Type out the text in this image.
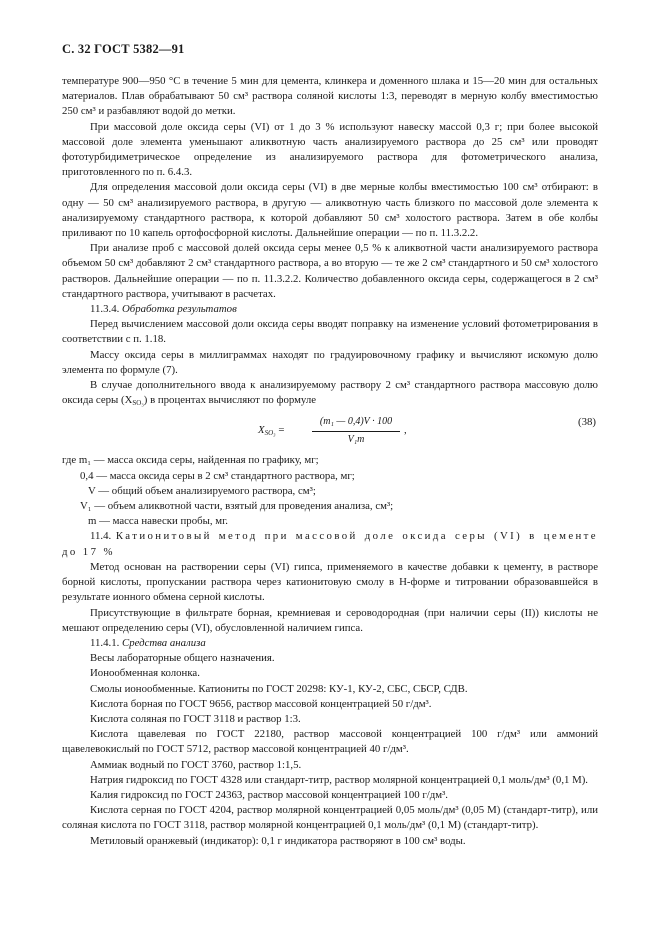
С. 32 ГОСТ 5382—91

температуре 900—950 °С в течение 5 мин для цемента, клинкера и доменного шлака и 15—20 мин для остальных материалов. Плав обрабатывают 50 см³ раствора соляной кислоты 1:3, переводят в мерную колбу вместимостью 250 см³ и разбавляют водой до метки.

При массовой доле оксида серы (VI) от 1 до 3 % используют навеску массой 0,3 г; при более высокой массовой доле элемента уменьшают аликвотную часть анализируемого раствора до 25 см³ или проводят фототурбидиметрическое определение из анализируемого раствора для фотометрического анализа, приготовленного по п. 6.4.3.

Для определения массовой доли оксида серы (VI) в две мерные колбы вместимостью 100 см³ отбирают: в одну — 50 см³ анализируемого раствора, в другую — аликвотную часть близкого по массовой доле элемента к анализируемому стандартного раствора, к которой добавляют 50 см³ холостого раствора. Затем в обе колбы приливают по 10 капель ортофосфорной кислоты. Дальнейшие операции — по п. 11.3.2.2.

При анализе проб с массовой долей оксида серы менее 0,5 % к аликвотной части анализируемого раствора объемом 50 см³ добавляют 2 см³ стандартного раствора, а во вторую — те же 2 см³ стандартного и 50 см³ холостого растворов. Дальнейшие операции — по п. 11.3.2.2. Количество добавленного оксида серы, содержащегося в 2 см³ стандартного раствора, учитывают в расчетах.

11.3.4. Обработка результатов

Перед вычислением массовой доли оксида серы вводят поправку на изменение условий фотометрирования в соответствии с п. 1.18.

Массу оксида серы в миллиграммах находят по градуировочному графику и вычисляют искомую долю элемента по формуле (7).

В случае дополнительного ввода к анализируемому раствору 2 см³ стандартного раствора массовую долю оксида серы $(X_{SO_3})$ в процентах вычисляют по формуле

$X_{SO_3}$ =	$\frac{\text{(m₁ — 0,4)V · 100}}{\text{V₁m}}$ ,
(38)
где m₁ — масса оксида серы, найденная по графику, мг;
0,4 — масса оксида серы в 2 см³ стандартного раствора, мг;
V — общий объем анализируемого раствора, см³;
V₁ — объем аликвотной части, взятый для проведения анализа, см³;
m — масса навески пробы, мг.

11.4. Катионитовый метод при массовой доле оксида серы (VI) в цементе до 17 %

Метод основан на растворении серы (VI) гипса, применяемого в качестве добавки к цементу, в растворе борной кислоты, пропускании раствора через катионитовую смолу в Н-форме и титровании образовавшейся в результате ионного обмена серной кислоты.

Присутствующие в фильтрате борная, кремниевая и сероводородная (при наличии серы (II)) кислоты не мешают определению серы (VI), обусловленной наличием гипса.

11.4.1. Средства анализа

Весы лабораторные общего назначения.

Ионообменная колонка.

Смолы ионообменные. Катиониты по ГОСТ 20298: КУ-1, КУ-2, СБС, СБСР, СДВ.

Кислота борная по ГОСТ 9656, раствор массовой концентрацией 50 г/дм³.

Кислота соляная по ГОСТ 3118 и раствор 1:3.

Кислота щавелевая по ГОСТ 22180, раствор массовой концентрацией 100 г/дм³ или аммоний щавелевокислый по ГОСТ 5712, раствор массовой концентрацией 40 г/дм³.

Аммиак водный по ГОСТ 3760, раствор 1:1,5.

Натрия гидроксид по ГОСТ 4328 или стандарт-титр, раствор молярной концентрацией 0,1 моль/дм³ (0,1 М).

Калия гидроксид по ГОСТ 24363, раствор массовой концентрацией 100 г/дм³.

Кислота серная по ГОСТ 4204, раствор молярной концентрацией 0,05 моль/дм³ (0,05 М) (стандарт-титр), или соляная кислота по ГОСТ 3118, раствор молярной концентрацией 0,1 моль/дм³ (0,1 М) (стандарт-титр).

Метиловый оранжевый (индикатор): 0,1 г индикатора растворяют в 100 см³ воды.
